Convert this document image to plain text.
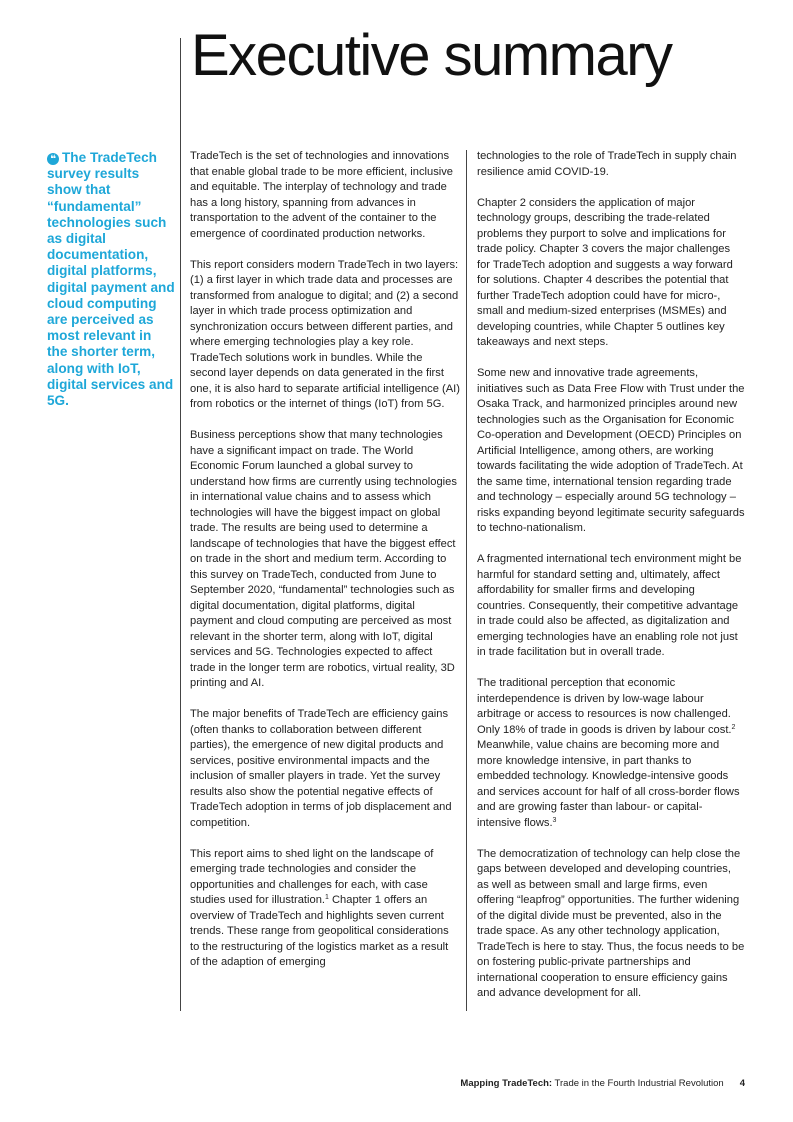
Executive summary
❝ The TradeTech survey results show that “fundamental” technologies such as digital documentation, digital platforms, digital payment and cloud computing are perceived as most relevant in the shorter term, along with IoT, digital services and 5G.

TradeTech is the set of technologies and innovations that enable global trade to be more efficient, inclusive and equitable. The interplay of technology and trade has a long history, spanning from advances in transportation to the advent of the container to the emergence of coordinated production networks.

This report considers modern TradeTech in two layers: (1) a first layer in which trade data and processes are transformed from analogue to digital; and (2) a second layer in which trade process optimization and synchronization occurs between different parties, and where emerging technologies play a key role. TradeTech solutions work in bundles. While the second layer depends on data generated in the first one, it is also hard to separate artificial intelligence (AI) from robotics or the internet of things (IoT) from 5G.

Business perceptions show that many technologies have a significant impact on trade. The World Economic Forum launched a global survey to understand how firms are currently using technologies in international value chains and to assess which technologies will have the biggest impact on global trade. The results are being used to determine a landscape of technologies that have the biggest effect on trade in the short and medium term. According to this survey on TradeTech, conducted from June to September 2020, “fundamental” technologies such as digital documentation, digital platforms, digital payment and cloud computing are perceived as most relevant in the shorter term, along with IoT, digital services and 5G. Technologies expected to affect trade in the longer term are robotics, virtual reality, 3D printing and AI.

The major benefits of TradeTech are efficiency gains (often thanks to collaboration between different parties), the emergence of new digital products and services, positive environmental impacts and the inclusion of smaller players in trade. Yet the survey results also show the potential negative effects of TradeTech adoption in terms of job displacement and competition.

This report aims to shed light on the landscape of emerging trade technologies and consider the opportunities and challenges for each, with case studies used for illustration.$^1$ Chapter 1 offers an overview of TradeTech and highlights seven current trends. These range from geopolitical considerations to the restructuring of the logistics market as a result of the adaption of emerging

technologies to the role of TradeTech in supply chain resilience amid COVID-19.

Chapter 2 considers the application of major technology groups, describing the trade-related problems they purport to solve and implications for trade policy. Chapter 3 covers the major challenges for TradeTech adoption and suggests a way forward for solutions. Chapter 4 describes the potential that further TradeTech adoption could have for micro-, small and medium-sized enterprises (MSMEs) and developing countries, while Chapter 5 outlines key takeaways and next steps.

Some new and innovative trade agreements, initiatives such as Data Free Flow with Trust under the Osaka Track, and harmonized principles around new technologies such as the Organisation for Economic Co-operation and Development (OECD) Principles on Artificial Intelligence, among others, are working towards facilitating the wide adoption of TradeTech. At the same time, international tension regarding trade and technology – especially around 5G technology – risks expanding beyond legitimate security safeguards to techno-nationalism.

A fragmented international tech environment might be harmful for standard setting and, ultimately, affect affordability for smaller firms and developing countries. Consequently, their competitive advantage in trade could also be affected, as digitalization and emerging technologies have an enabling role not just in trade facilitation but in overall trade.

The traditional perception that economic interdependence is driven by low-wage labour arbitrage or access to resources is now challenged. Only 18% of trade in goods is driven by labour cost.$^2$ Meanwhile, value chains are becoming more and more knowledge intensive, in part thanks to embedded technology. Knowledge-intensive goods and services account for half of all cross-border flows and are growing faster than labour- or capital-intensive flows.$^3$

The democratization of technology can help close the gaps between developed and developing countries, as well as between small and large firms, even offering “leapfrog” opportunities. The further widening of the digital divide must be prevented, also in the trade space. As any other technology application, TradeTech is here to stay. Thus, the focus needs to be on fostering public-private partnerships and international cooperation to ensure efficiency gains and advance development for all.

Mapping TradeTech: Trade in the Fourth Industrial Revolution 4
